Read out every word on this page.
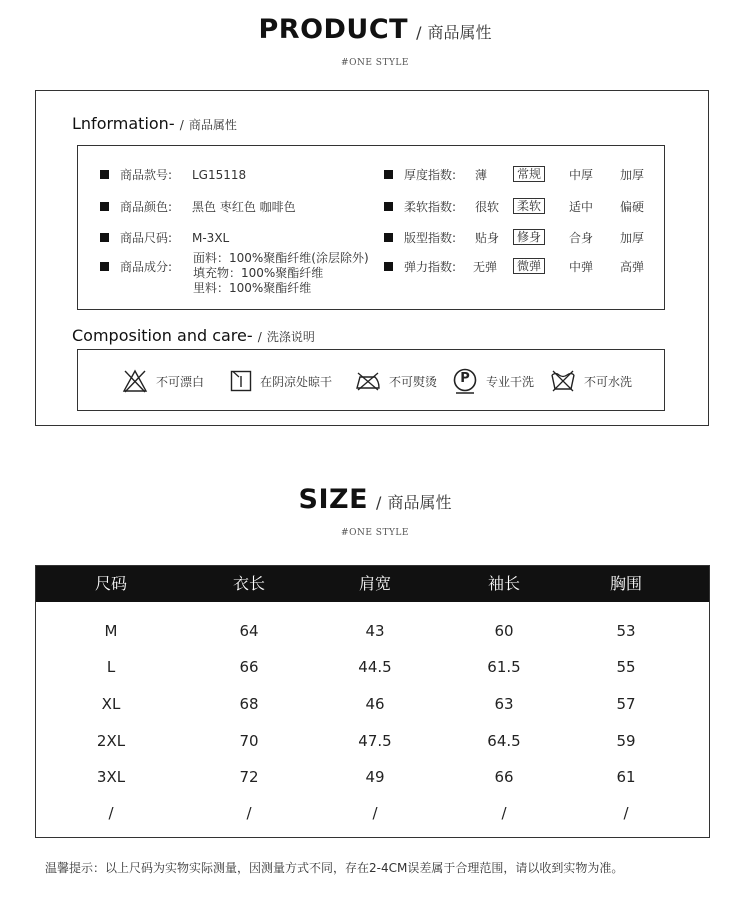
PRODUCT / 商品属性
#ONE STYLE
Lnformation- / 商品属性
商品款号: LG15118
商品颜色: 黑色 枣红色 咖啡色
商品尺码: M-3XL
商品成分:
面料：100%聚酯纤维(涂层除外)
填充物：100%聚酯纤维
里料：100%聚酯纤维
厚度指数: 薄	常规	中厚 加厚
柔软指数: 很软	柔软	适中 偏硬
版型指数: 贴身	修身	合身 加厚
弹力指数: 无弹	微弹	中弹 高弹
Composition and care- / 洗涤说明
不可漂白	在阴凉处晾干	不可熨烫	P	专业干洗	不可水洗
SIZE / 商品属性
#ONE STYLE
尺码	衣长	肩宽	袖长	胸围
M	64	43	60	53
L	66	44.5	61.5	55
XL	68	46	63	57
2XL	70	47.5	64.5	59
3XL	72	49	66	61
/	/	/	/	/
温馨提示：以上尺码为实物实际测量，因测量方式不同，存在2-4CM误差属于合理范围，请以收到实物为准。
